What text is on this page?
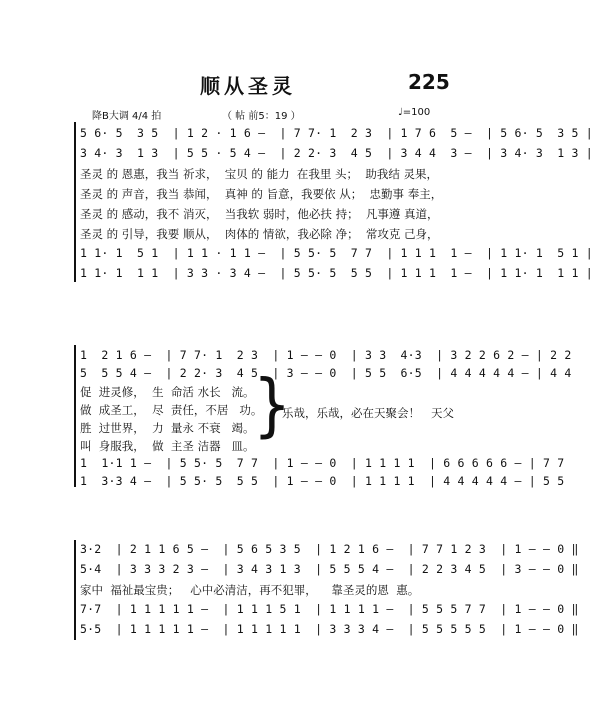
顺从圣灵	225
降B大调 4/4 拍	（ 帖 前5：19 ）	♩=100
5 6· 5  3 5  | 1 2 · 1 6 –  | 7 7· 1  2 3  | 1 7 6  5 –  | 5 6· 5  3 5 |
3 4· 3  1 3  | 5 5 · 5 4 –  | 2 2· 3  4 5  | 3 4 4  3 –  | 3 4· 3  1 3 |
圣灵 的 恩惠，我当 祈求，  宝贝 的 能力  在我里 头；  助我结 灵果，
圣灵 的 声音，我当 恭闻，  真神 的 旨意，我要依 从；  忠勤事 奉主，
圣灵 的 感动，我不 消灭，  当我软 弱时，他必扶 持；  凡事遵 真道，
圣灵 的 引导，我要 顺从，  肉体的 情欲，我必除 净；  常攻克 己身，
1 1· 1  5 1  | 1 1 · 1 1 –  | 5 5· 5  7 7  | 1 1 1  1 –  | 1 1· 1  5 1 |
1 1· 1  1 1  | 3 3 · 3 4 –  | 5 5· 5  5 5  | 1 1 1  1 –  | 1 1· 1  1 1 |
1  2 1 6 –  | 7 7· 1  2 3  | 1 – – 0  | 3 3  4·3  | 3 2 2 6 2 – | 2 2
5  5 5 4 –  | 2 2· 3  4 5  | 3 – – 0  | 5 5  6·5  | 4 4 4 4 4 – | 4 4
促  进灵修，  生  命活 水长   流。
做  成圣工，  尽  责任，不居   功。
胜  过世界，  力  量永 不衰   竭。
叫  身服我，  做  主圣 洁器   皿。
}
乐哉，乐哉，必在天聚会！   天父
1  1·1 1 –  | 5 5· 5  7 7  | 1 – – 0  | 1 1 1 1  | 6 6 6 6 6 – | 7 7
1  3·3 4 –  | 5 5· 5  5 5  | 1 – – 0  | 1 1 1 1  | 4 4 4 4 4 – | 5 5
3·2  | 2 1 1 6 5 –  | 5 6 5 3 5  | 1 2 1 6 –  | 7 7 1 2 3  | 1 – – 0 ‖
5·4  | 3 3 3 2 3 –  | 3 4 3 1 3  | 5 5 5 4 –  | 2 2 3 4 5  | 3 – – 0 ‖
家中  福祉最宝贵；   心中必清洁，再不犯罪，    靠圣灵的恩  惠。
7·7  | 1 1 1 1 1 –  | 1 1 1 5 1  | 1 1 1 1 –  | 5 5 5 7 7  | 1 – – 0 ‖
5·5  | 1 1 1 1 1 –  | 1 1 1 1 1  | 3 3 3 4 –  | 5 5 5 5 5  | 1 – – 0 ‖
